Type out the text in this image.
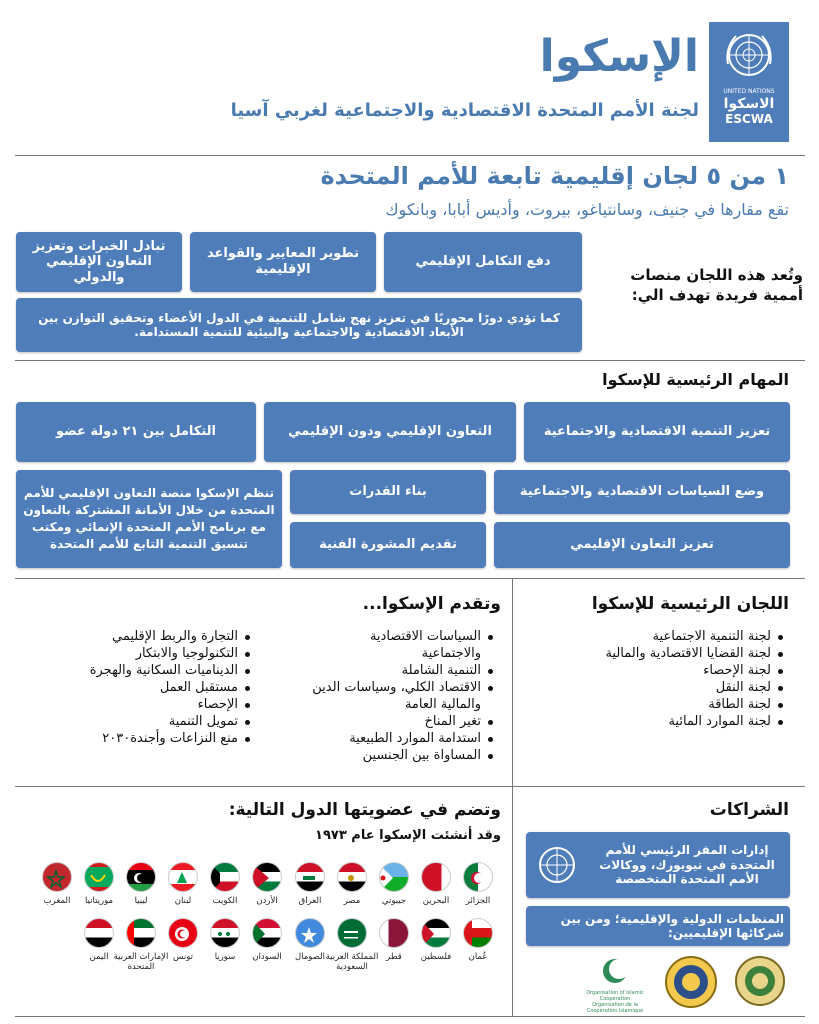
UNITED NATIONS
الاسكوا
ESCWA
الإسكوا
لجنة الأمم المتحدة الاقتصادية والاجتماعية لغربي آسيا
١ من ٥ لجان إقليمية تابعة للأمم المتحدة
تقع مقارها في جنيف، وسانتياغو، بيروت، وأديس أبابا، وبانكوك
دفع التكامل الإقليمي
تطوير المعايير والقواعد الإقليمية
تبادل الخبرات وتعزيز التعاون الإقليمي والدولي
كما تؤدي دورًا محوريًا في تعزيز نهج شامل للتنمية في الدول الأعضاء وتحقيق التوازن بين الأبعاد الاقتصادية والاجتماعية والبيئية للتنمية المستدامة.
وتُعد هذه اللجان منصات أممية فريدة تهدف الي:
المهام الرئيسية للإسكوا
تعزيز التنمية الاقتصادية والاجتماعية
التعاون الإقليمي ودون الإقليمي
التكامل بين ٢١ دولة عضو
وضع السياسات الاقتصادية والاجتماعية
بناء القدرات
تعزيز التعاون الإقليمي
تقديم المشورة الفنية
تنظم الإسكوا منصة التعاون الإقليمي للأمم المتحدة من خلال الأمانة المشتركة بالتعاون مع برنامج الأمم المتحدة الإنمائي ومكتب تنسيق التنمية التابع للأمم المتحدة
اللجان الرئيسية للإسكوا
لجنة التنمية الاجتماعية
لجنة القضايا الاقتصادية والمالية
لجنة الإحصاء
لجنة النقل
لجنة الطاقة
لجنة الموارد المائية
وتقدم الإسكوا...
السياسات الاقتصادية والاجتماعية
التنمية الشاملة
الاقتصاد الكلي، وسياسات الدين والمالية العامة
تغير المناخ
استدامة الموارد الطبيعية
المساواة بين الجنسين
التجارة والربط الإقليمي
التكنولوجيا والابتكار
الديناميات السكانية والهجرة
مستقبل العمل
الإحصاء
تمويل التنمية
منع النزاعات وأجندة٢٠٣٠
الشراكات
إدارات المقر الرئيسي للأمم المتحدة في نيويورك، ووكالات الأمم المتحدة المتخصصة
المنظمات الدولية والإقليمية؛ ومن بين شركائها الإقليميين:
Organisation of Islamic Cooperation
Organisation de la Coopération Islamique
وتضم في عضويتها الدول التالية:
وقد أنشئت الإسكوا عام ١٩٧٣
الجزائر
البحرين
جيبوتي
مصر
العراق
الأردن
الكويت
لبنان
ليبيا
موريتانيا
المغرب
عُمان
فلسطين
قطر
المملكة العربية السعودية
الصومال
السودان
سوريا
تونس
الإمارات العربية المتحدة
اليمن
